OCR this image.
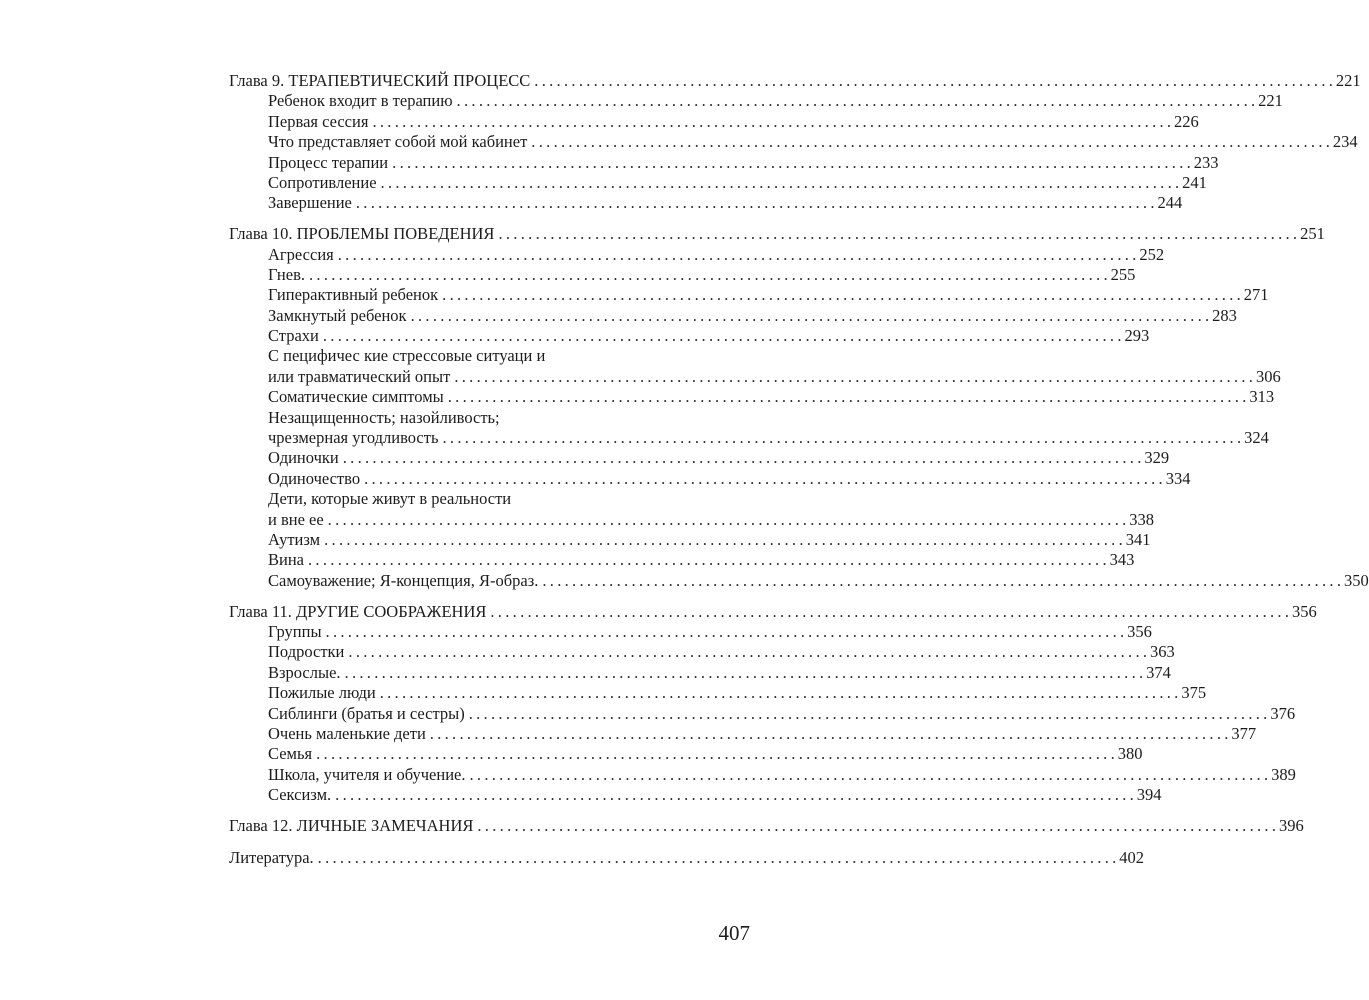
Глава 9. ТЕРАПЕВТИЧЕСКИЙ ПРОЦЕСС . . .	221
Ребенок входит в терапию . . .	221
Первая сессия . . .	226
Что представляет собой мой кабинет . . .	234
Процесс терапии . . .	233
Сопротивление . . .	241
Завершение . . .	244
Глава 10. ПРОБЛЕМЫ ПОВЕДЕНИЯ . . .	251
Агрессия . . .	252
Гнев. . . .	255
Гиперактивный ребенок . . .	271
Замкнутый ребенок . . .	283
Страхи . . .	293
С пецифичес кие стрессовые ситуаци и
или травматический опыт . . .	306
Соматические симптомы . . .	313
Незащищенность; назойливость;
чрезмерная угодливость . . .	324
Одиночки . . .	329
Одиночество . . .	334
Дети, которые живут в реальности
и вне ее . . .	338
Аутизм . . .	341
Вина . . .	343
Самоуважение; Я-концепция, Я-образ. . . .	350
Глава 11. ДРУГИЕ СООБРАЖЕНИЯ . . .	356
Группы . . .	356
Подростки . . .	363
Взрослые. . . .	374
Пожилые люди . . .	375
Сиблинги (братья и сестры) . . .	376
Очень маленькие дети . . .	377
Семья . . .	380
Школа, учителя и обучение. . . .	389
Сексизм. . . .	394
Глава 12. ЛИЧНЫЕ ЗАМЕЧАНИЯ . . .	396
Литература. . . .	402
407
